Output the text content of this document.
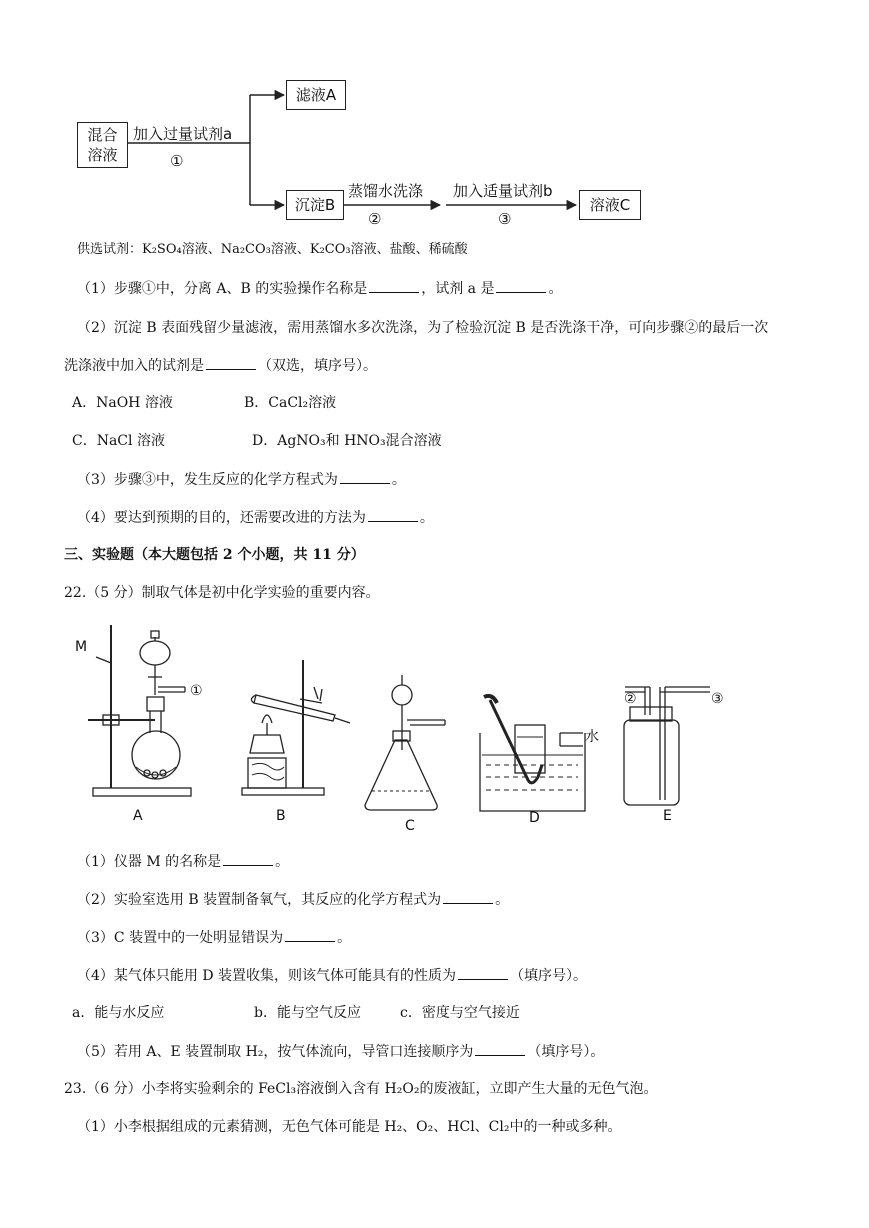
混合
溶液
加入过量试剂a
①
滤液A
沉淀B
蒸馏水洗涤
②
加入适量试剂b
③
溶液C
供选试剂：K₂SO₄溶液、Na₂CO₃溶液、K₂CO₃溶液、盐酸、稀硫酸
（1）步骤①中，分离 A、B 的实验操作名称是	，试剂 a 是	。
（2）沉淀 B 表面残留少量滤液，需用蒸馏水多次洗涤，为了检验沉淀 B 是否洗涤干净，可向步骤②的最后一次
洗涤液中加入的试剂是	（双选，填序号）。
A．NaOH 溶液	B．CaCl₂溶液
C．NaCl 溶液	D．AgNO₃和 HNO₃混合溶液
（3）步骤③中，发生反应的化学方程式为	。
（4）要达到预期的目的，还需要改进的方法为	。
三、实验题（本大题包括 2 个小题，共 11 分）
22.（5 分）制取气体是初中化学实验的重要内容。
M
①	②	③
水
A	B
C	D	E
（1）仪器 M 的名称是	。
（2）实验室选用 B 装置制备氧气，其反应的化学方程式为	。
（3）C 装置中的一处明显错误为	。
（4）某气体只能用 D 装置收集，则该气体可能具有的性质为	（填序号）。
a．能与水反应	b．能与空气反应	c．密度与空气接近
（5）若用 A、E 装置制取 H₂，按气体流向，导管口连接顺序为	（填序号）。
23.（6 分）小李将实验剩余的 FeCl₃溶液倒入含有 H₂O₂的废液缸，立即产生大量的无色气泡。
（1）小李根据组成的元素猜测，无色气体可能是 H₂、O₂、HCl、Cl₂中的一种或多种。
